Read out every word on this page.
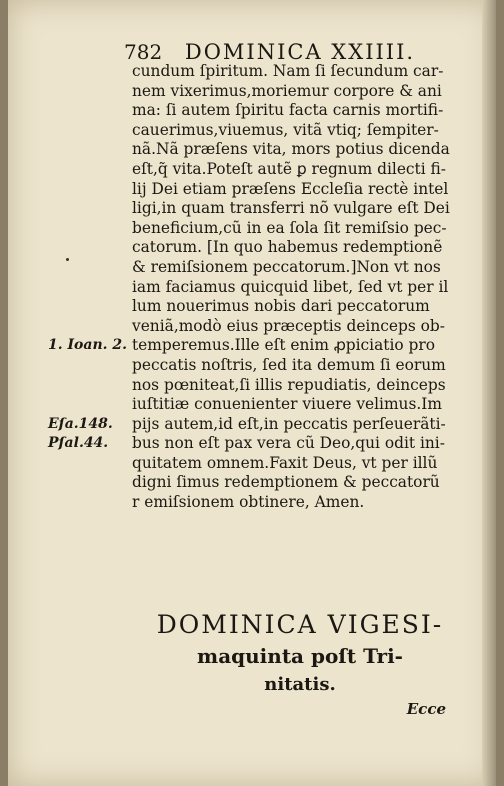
782 DOMINICA XXIIII.
cundum ſpiritum. Nam ſi ſecundum car-
nem vixerimus,moriemur corpore & ani
ma: ſi autem ſpiritu facta carnis mortifi-
cauerimus,viuemus, vitã vtiq; ſempiter-
nã.Nã præſens vita, mors potius dicenda
eſt,q̃ vita.Poteſt autẽ ꝑ regnum dilecti fi-
lij Dei etiam præſens Eccleſia rectè intel
ligi,in quam transferri nõ vulgare eſt Dei
beneficium,cũ in ea ſola ſit remiſsio pec-
catorum. [In quo habemus redemptionẽ
& remiſsionem peccatorum.]Non vt nos
iam faciamus quicquid libet, ſed vt per il
lum nouerimus nobis dari peccatorum
veniã,modò eius præceptis deinceps ob-
temperemus.Ille eſt enim ꝓpiciatio pro
peccatis noſtris, ſed ita demum ſi eorum
nos pœniteat,ſi illis repudiatis, deinceps
iuſtitiæ conuenienter viuere velimus.Im
pijs autem,id eſt,in peccatis perſeuerãti-
bus non eſt pax vera cũ Deo,qui odit ini-
quitatem omnem.Faxit Deus, vt per illũ
digni ſimus redemptionem & peccatorũ
r emiſsionem obtinere, Amen.
1. Ioan. 2.
Eſa.148.
Pſal.44.
DOMINICA VIGESI-
maquinta poſt Tri-
nitatis.
Ecce
